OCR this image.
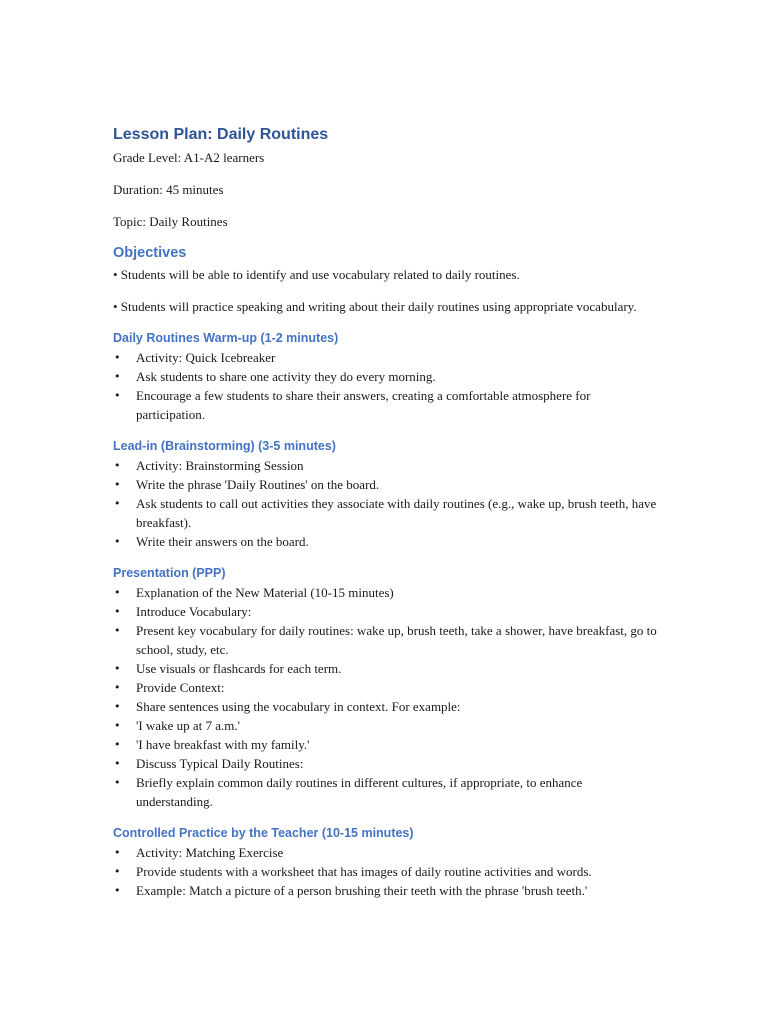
Lesson Plan: Daily Routines

Grade Level: A1-A2 learners

Duration: 45 minutes

Topic: Daily Routines

Objectives

• Students will be able to identify and use vocabulary related to daily routines.

• Students will practice speaking and writing about their daily routines using appropriate vocabulary.

Daily Routines Warm-up (1-2 minutes)
• Activity: Quick Icebreaker
• Ask students to share one activity they do every morning.
• Encourage a few students to share their answers, creating a comfortable atmosphere for participation.
Lead-in (Brainstorming) (3-5 minutes)
• Activity: Brainstorming Session
• Write the phrase 'Daily Routines' on the board.
• Ask students to call out activities they associate with daily routines (e.g., wake up, brush teeth, have breakfast).
• Write their answers on the board.
Presentation (PPP)
• Explanation of the New Material (10-15 minutes)
• Introduce Vocabulary:
• Present key vocabulary for daily routines: wake up, brush teeth, take a shower, have breakfast, go to school, study, etc.
• Use visuals or flashcards for each term.
• Provide Context:
• Share sentences using the vocabulary in context. For example:
• 'I wake up at 7 a.m.'
• 'I have breakfast with my family.'
• Discuss Typical Daily Routines:
• Briefly explain common daily routines in different cultures, if appropriate, to enhance understanding.
Controlled Practice by the Teacher (10-15 minutes)
• Activity: Matching Exercise
• Provide students with a worksheet that has images of daily routine activities and words.
• Example: Match a picture of a person brushing their teeth with the phrase 'brush teeth.'
